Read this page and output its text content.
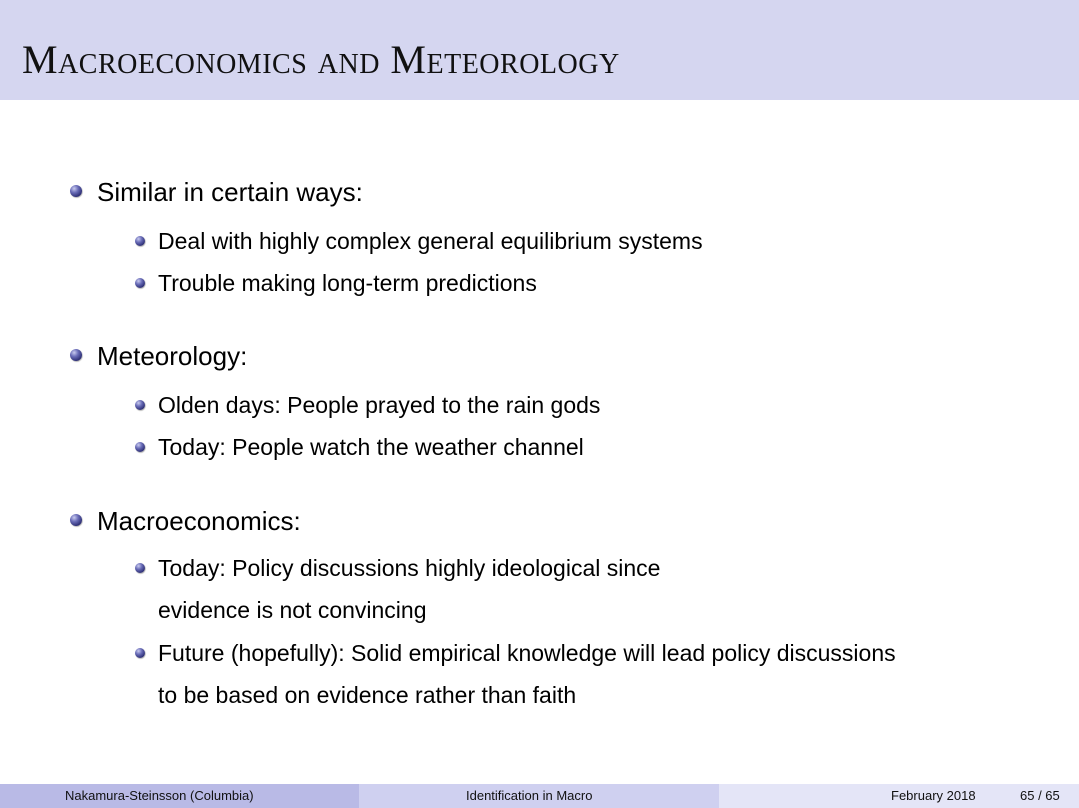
Macroeconomics and Meteorology
Similar in certain ways:
Deal with highly complex general equilibrium systems
Trouble making long-term predictions
Meteorology:
Olden days: People prayed to the rain gods
Today: People watch the weather channel
Macroeconomics:
Today: Policy discussions highly ideological since
evidence is not convincing
Future (hopefully): Solid empirical knowledge will lead policy discussions
to be based on evidence rather than faith
Nakamura-Steinsson (Columbia)	Identification in Macro	February 2018	65 / 65
